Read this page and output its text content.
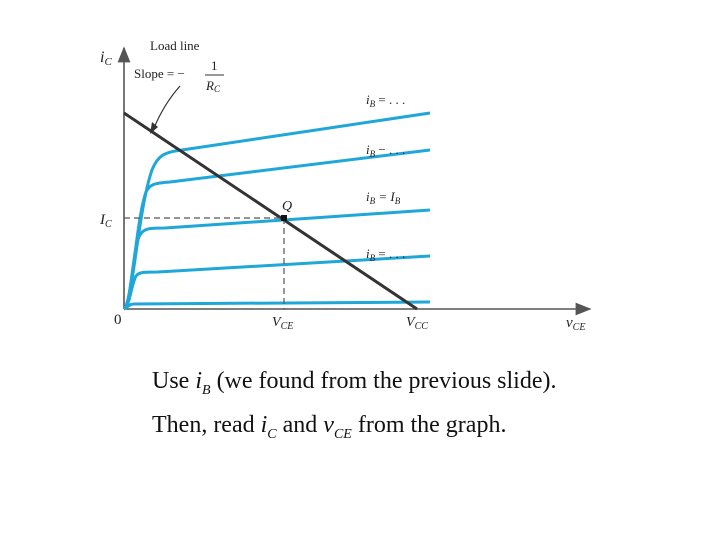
iC
$v_{CE}$
0
Load line
Slope = −
1
RC
Q
$I_C$
$V_{CE}$	$V_{CC}$
$i_B$ = . . .
$i_B$ − . . .
$i_B = I_B$
$i_B$ = . . .
Use $i_B$ (we found from the previous slide).
Then, read $i_C$ and $v_{CE}$ from the graph.
